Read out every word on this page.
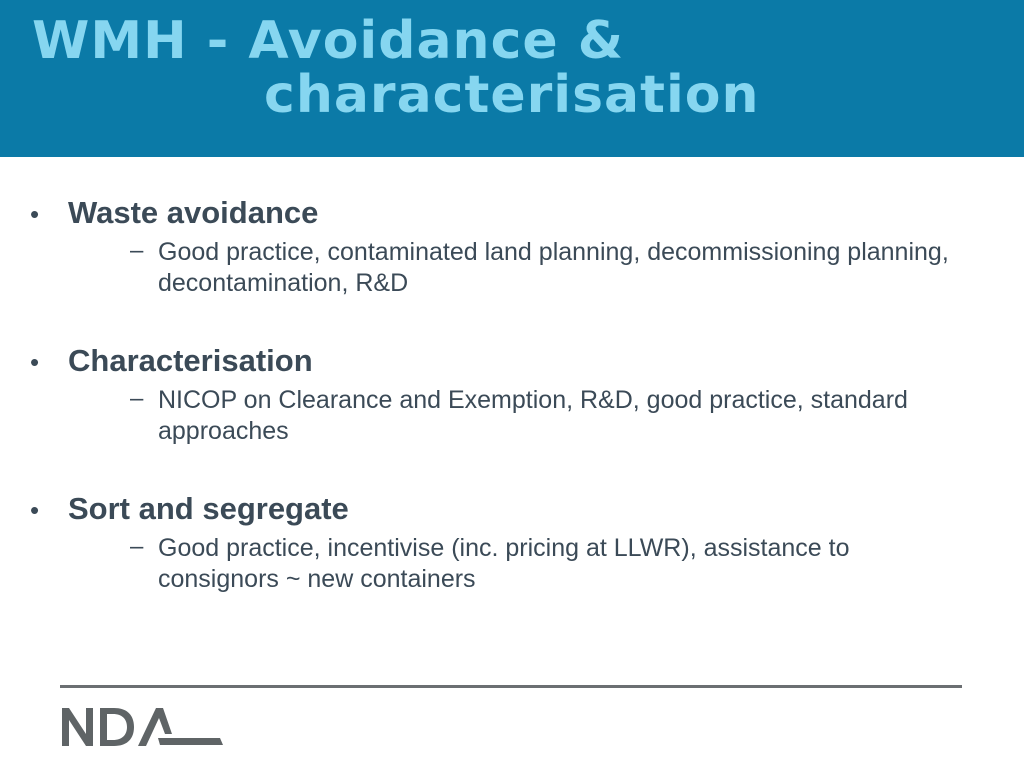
WMH - Avoidance &
characterisation
• Waste avoidance
– Good practice, contaminated land planning, decommissioning planning, decontamination, R&D
• Characterisation
– NICOP on Clearance and Exemption, R&D, good practice, standard approaches
• Sort and segregate
– Good practice, incentivise (inc. pricing at LLWR), assistance to consignors ~ new containers
